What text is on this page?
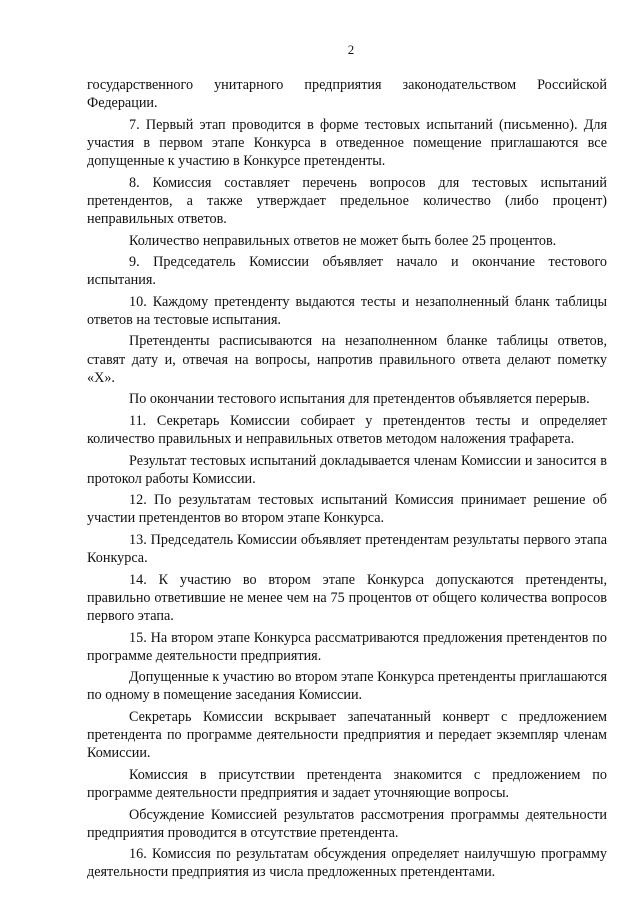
2

государственного унитарного предприятия законодательством Российской Федерации.

7. Первый этап проводится в форме тестовых испытаний (письменно). Для участия в первом этапе Конкурса в отведенное помещение приглашаются все допущенные к участию в Конкурсе претенденты.

8. Комиссия составляет перечень вопросов для тестовых испытаний претендентов, а также утверждает предельное количество (либо процент) неправильных ответов.

Количество неправильных ответов не может быть более 25 процентов.

9. Председатель Комиссии объявляет начало и окончание тестового испытания.

10. Каждому претенденту выдаются тесты и незаполненный бланк таблицы ответов на тестовые испытания.

Претенденты расписываются на незаполненном бланке таблицы ответов, ставят дату и, отвечая на вопросы, напротив правильного ответа делают пометку «Х».

По окончании тестового испытания для претендентов объявляется перерыв.

11. Секретарь Комиссии собирает у претендентов тесты и определяет количество правильных и неправильных ответов методом наложения трафарета.

Результат тестовых испытаний докладывается членам Комиссии и заносится в протокол работы Комиссии.

12. По результатам тестовых испытаний Комиссия принимает решение об участии претендентов во втором этапе Конкурса.

13. Председатель Комиссии объявляет претендентам результаты первого этапа Конкурса.

14. К участию во втором этапе Конкурса допускаются претенденты, правильно ответившие не менее чем на 75 процентов от общего количества вопросов первого этапа.

15. На втором этапе Конкурса рассматриваются предложения претендентов по программе деятельности предприятия.

Допущенные к участию во втором этапе Конкурса претенденты приглашаются по одному в помещение заседания Комиссии.

Секретарь Комиссии вскрывает запечатанный конверт с предложением претендента по программе деятельности предприятия и передает экземпляр членам Комиссии.

Комиссия в присутствии претендента знакомится с предложением по программе деятельности предприятия и задает уточняющие вопросы.

Обсуждение Комиссией результатов рассмотрения программы деятельности предприятия проводится в отсутствие претендента.

16. Комиссия по результатам обсуждения определяет наилучшую программу деятельности предприятия из числа предложенных претендентами.
